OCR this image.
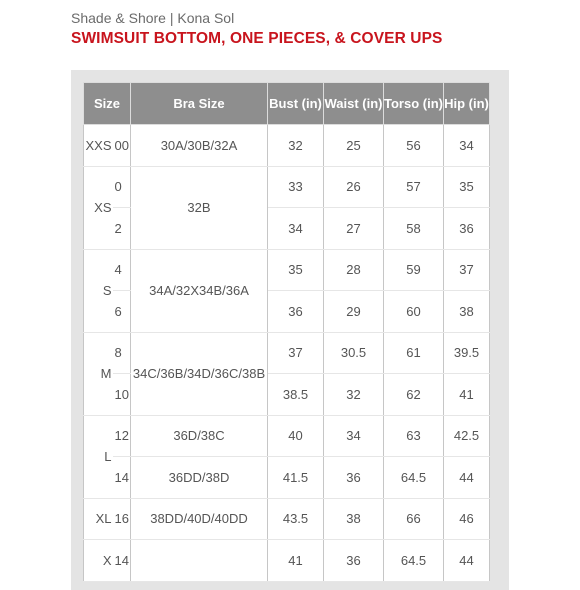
Shade & Shore | Kona Sol
SWIMSUIT BOTTOM, ONE PIECES, & COVER UPS
Size		Bra Size	Bust (in)	Waist (in)	Torso (in)	Hip (in)
XXS	00	30A/30B/32A	32	25	56	34
XS	0	32B	33	26	57	35
	2		34	27	58	36
S	4	34A/32X34B/36A	35	28	59	37
	6		36	29	60	38
M	8	34C/36B/34D/36C/38B	37	30.5	61	39.5
	10		38.5	32	62	41
L	12	36D/38C	40	34	63	42.5
	14	36DD/38D	41.5	36	64.5	44
XL	16	38DD/40D/40DD	43.5	38	66	46
X	14		41	36	64.5	44
